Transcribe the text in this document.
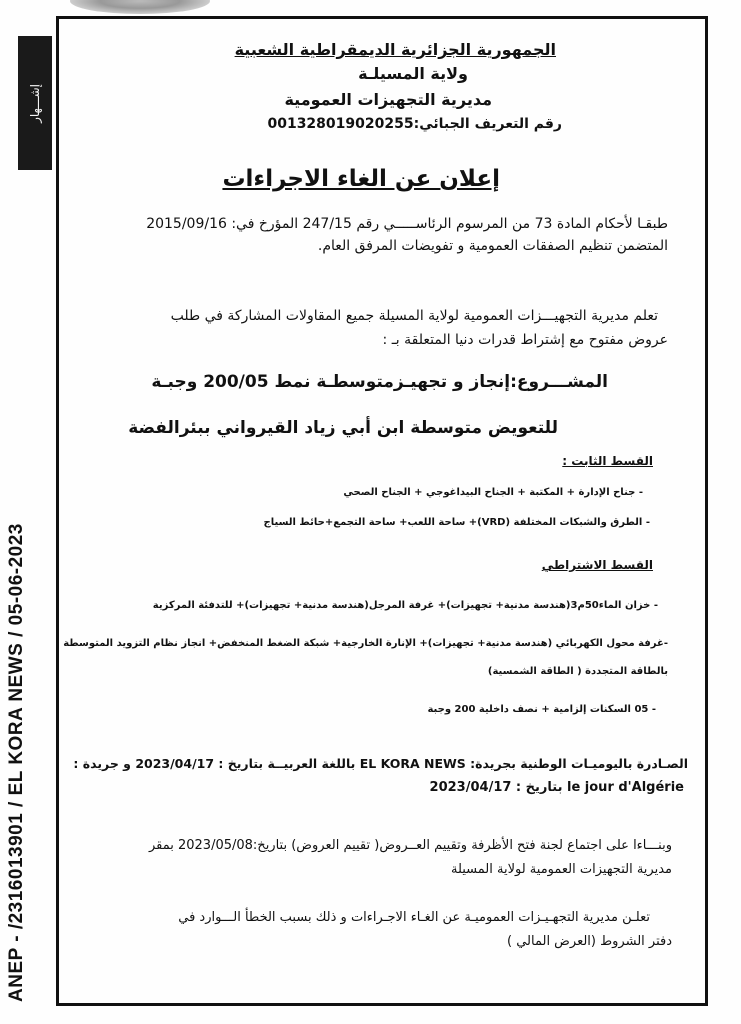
إشـــهار
ANEP - /2316013901 / EL KORA NEWS / 05-06-2023
الجمهورية الجزائرية الديمقراطية الشعبية
ولاية المسيلـة
مديرية التجهيزات العمومية
رقم التعريف الجبائي:001328019020255
إعلان عن الغاء الاجراءات
طبقـا لأحكام المادة 73 من المرسوم الرئاســـــي رقم 247/15 المؤرخ في: 2015/09/16
المتضمن تنظيم الصفقات العمومية و تفويضات المرفق العام.
تعلم مديرية التجهيـــزات العمومية لولاية المسيلة جميع المقاولات المشاركة في طلب
عروض مفتوح مع إشتراط قدرات دنيا المتعلقة بـ :
المشـــروع:إنجاز و تجهيـزمتوسطـة نمط 200/05 وجبـة
للتعويض متوسطة ابن أبي زياد القيرواني ببئرالفضة
القسط الثابت :
- جناح الإدارة + المكتبة + الجناح البيداغوجي + الجناح الصحي
- الطرق والشبكات المختلفة (VRD)+ ساحة اللعب+ ساحة التجمع+حائط السياج
القسط الاشتراطي
- خزان الماء50م3(هندسة مدنية+ تجهيزات)+ غرفة المرجل(هندسة مدنية+ تجهيزات)+ للتدفئة المركزية
-غرفة محول الكهربائي (هندسة مدنية+ تجهيزات)+ الإنارة الخارجية+ شبكة الضغط المنخفض+ انجاز نظام التزويد المتوسطة
بالطاقة المتجددة ( الطاقة الشمسية)
- 05 السكنات إلزامية + نصف داخلية 200 وجبة
الصـادرة باليوميـات الوطنية بجريدة: EL KORA NEWS باللغة العربيــة بتاريخ : 2023/04/17 و جريدة :
le jour d'Algérie بتاريخ : 2023/04/17
وبنـــاءا على اجتماع لجنة فتح الأظرفة وتقييم العــروض( تقييم العروض) بتاريخ:2023/05/08 بمقر
مديرية التجهيزات العمومية لولاية المسيلة
تعلـن مديرية التجهـيـزات العموميـة عن الغـاء الاجـراءات و ذلك بسبب الخطأ الـــوارد في
دفتر الشروط (العرض المالي )
